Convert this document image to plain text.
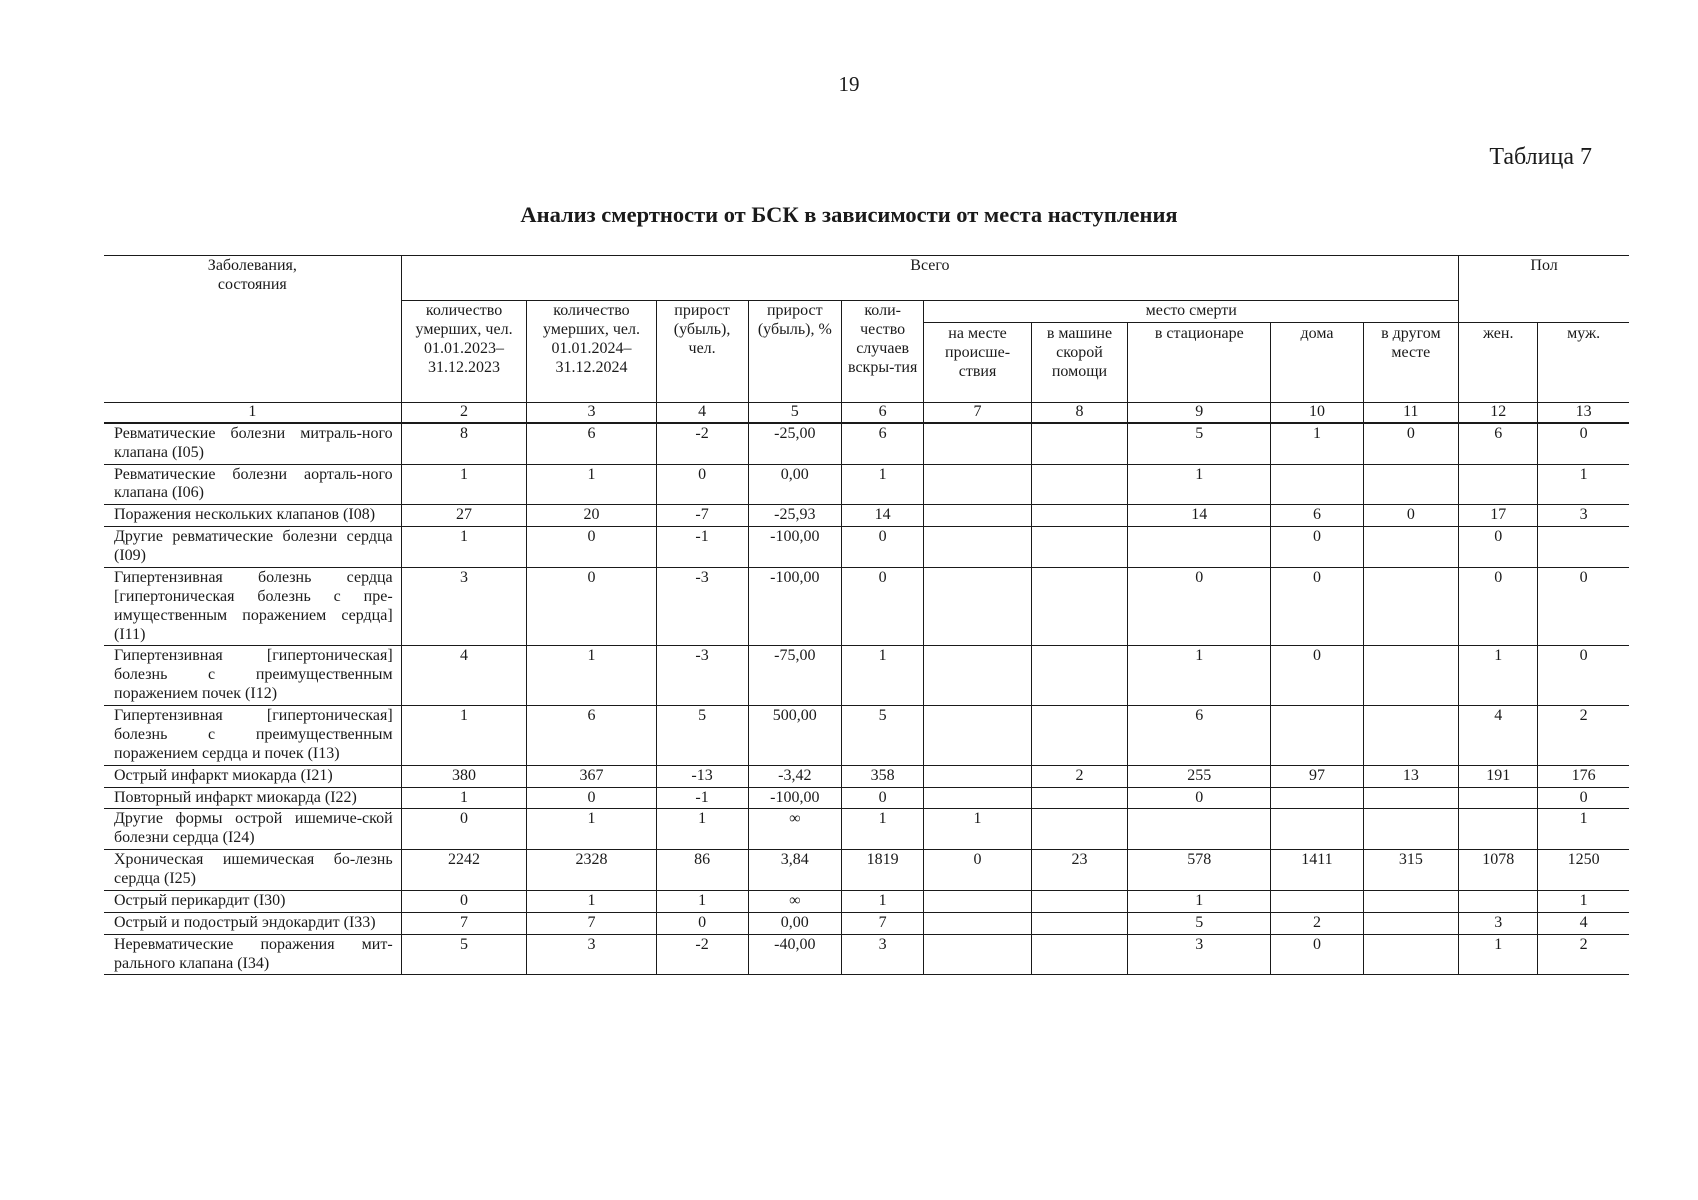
19
Таблица 7
Анализ смертности от БСК в зависимости от места наступления
Заболевания, состояния	Всего										Пол	
	количество умерших, чел. 01.01.2023– 31.12.2023	количество умерших, чел. 01.01.2024– 31.12.2024	прирост (убыль), чел.	прирост (убыль), %	коли-чество случаев вскры-тия	место смерти						
						на месте происше-ствия	в машине скорой помощи	в стационаре	дома	в другом месте	жен.	муж.
1	2	3	4	5	6	7	8	9	10	11	12	13
Ревматические болезни митраль-ного клапана (I05)	8	6	-2	-25,00	6			5	1	0	6	0
Ревматические болезни аорталь-ного клапана (I06)	1	1	0	0,00	1			1				1
Поражения нескольких клапанов (I08)	27	20	-7	-25,93	14			14	6	0	17	3
Другие ревматические болезни сердца (I09)	1	0	-1	-100,00	0				0		0	
Гипертензивная болезнь сердца [гипертоническая болезнь с пре-имущественным поражением сердца] (I11)	3	0	-3	-100,00	0			0	0		0	0
Гипертензивная [гипертоническая] болезнь с преимущественным поражением почек (I12)	4	1	-3	-75,00	1			1	0		1	0
Гипертензивная [гипертоническая] болезнь с преимущественным поражением сердца и почек (I13)	1	6	5	500,00	5			6			4	2
Острый инфаркт миокарда (I21)	380	367	-13	-3,42	358		2	255	97	13	191	176
Повторный инфаркт миокарда (I22)	1	0	-1	-100,00	0			0				0
Другие формы острой ишемиче-ской болезни сердца (I24)	0	1	1	∞	1	1						1
Хроническая ишемическая бо-лезнь сердца (I25)	2242	2328	86	3,84	1819	0	23	578	1411	315	1078	1250
Острый перикардит (I30)	0	1	1	∞	1			1				1
Острый и подострый эндокардит (I33)	7	7	0	0,00	7			5	2		3	4
Неревматические поражения мит-рального клапана (I34)	5	3	-2	-40,00	3			3	0		1	2
